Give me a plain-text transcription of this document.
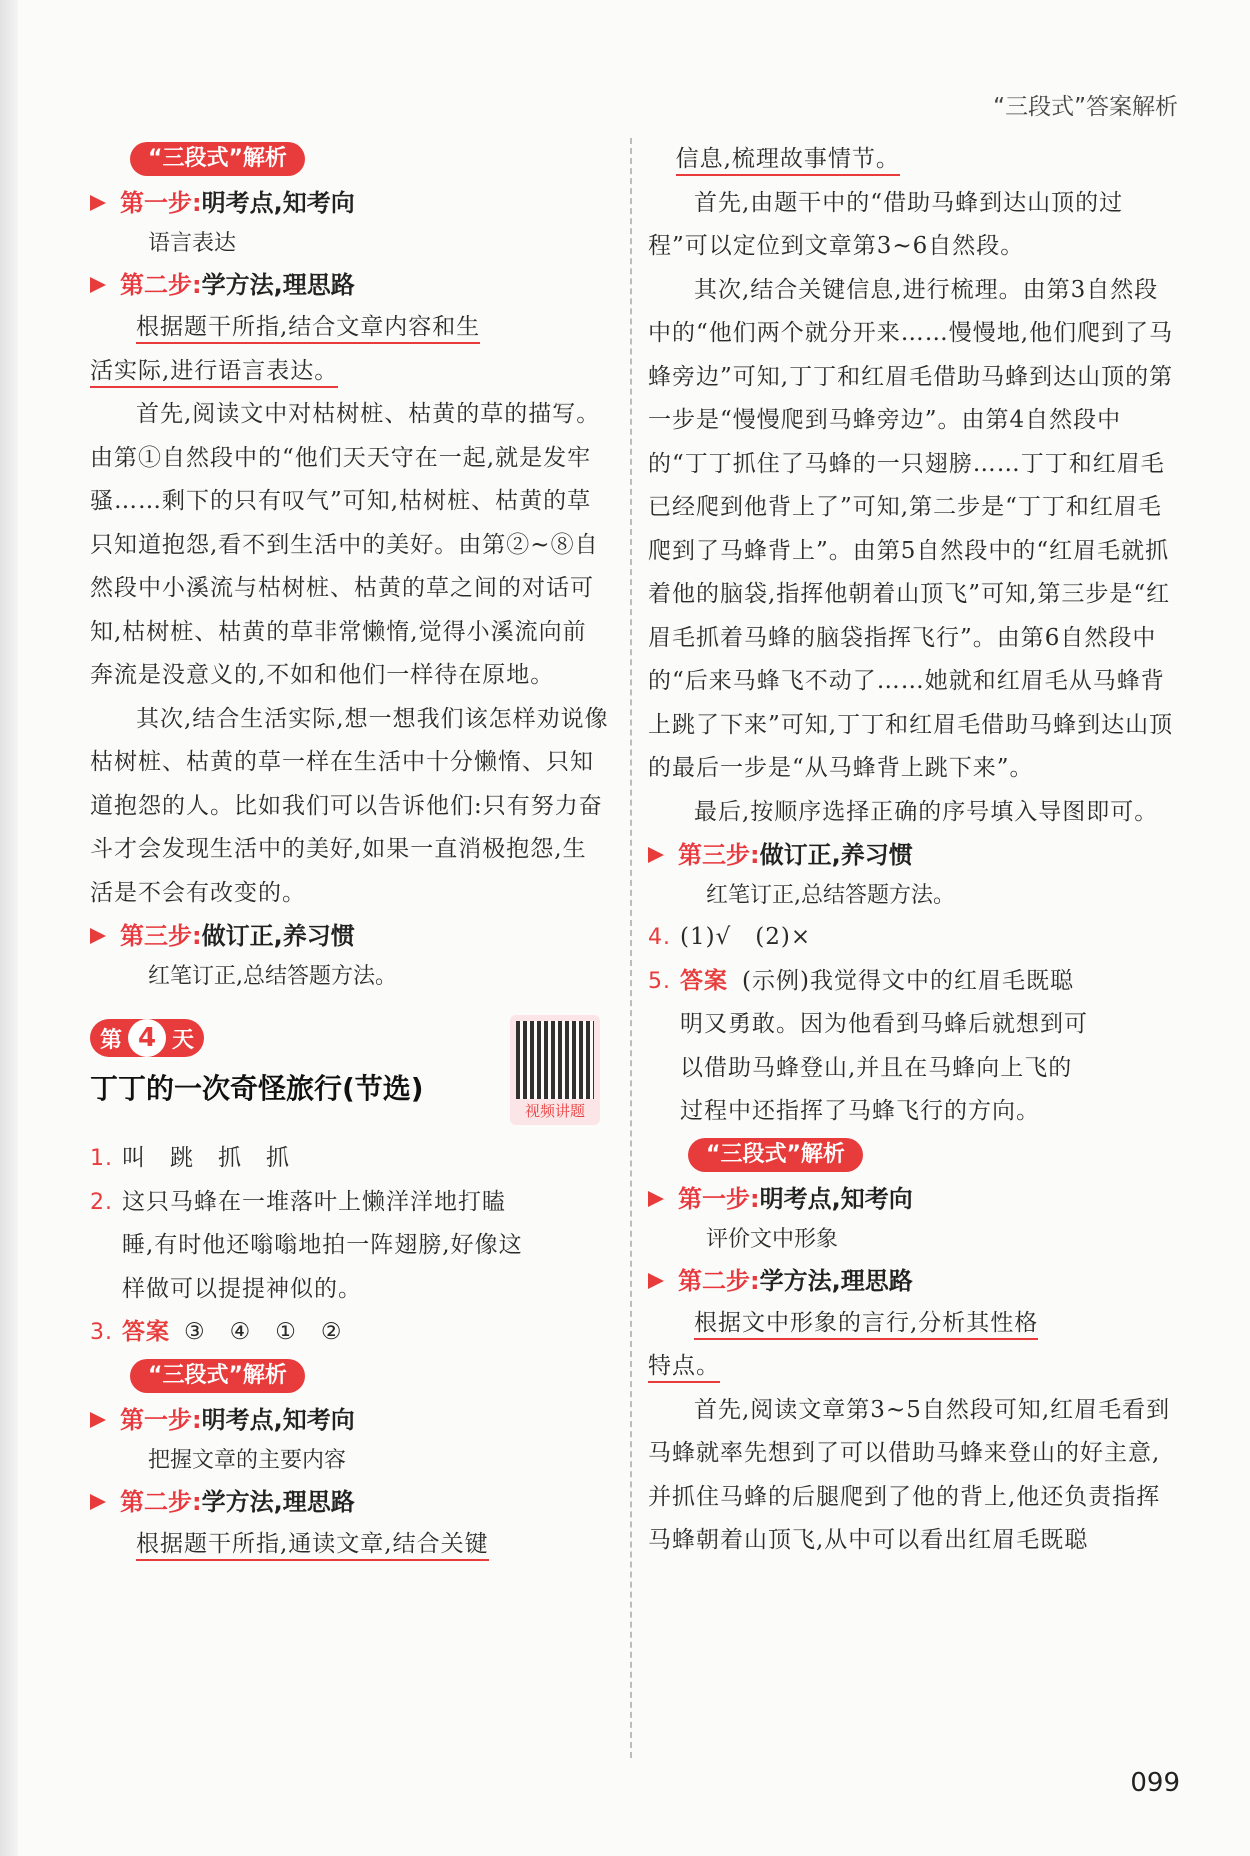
“三段式”答案解析
“三段式”解析
第一步: 明考点,知考向
语言表达
第二步: 学方法,理思路

根据题干所指,结合文章内容和生

活实际,进行语言表达。

首先,阅读文中对枯树桩、枯黄的草的描写。由第①自然段中的“他们天天守在一起,就是发牢骚……剩下的只有叹气”可知,枯树桩、枯黄的草只知道抱怨,看不到生活中的美好。由第②~⑧自然段中小溪流与枯树桩、枯黄的草之间的对话可知,枯树桩、枯黄的草非常懒惰,觉得小溪流向前奔流是没意义的,不如和他们一样待在原地。

其次,结合生活实际,想一想我们该怎样劝说像枯树桩、枯黄的草一样在生活中十分懒惰、只知道抱怨的人。比如我们可以告诉他们:只有努力奋斗才会发现生活中的美好,如果一直消极抱怨,生活是不会有改变的。

第三步: 做订正,养习惯
红笔订正,总结答题方法。
第 4 天
丁丁的一次奇怪旅行(节选)
视频讲题
1. 叫　跳　抓　抓
2. 这只马蜂在一堆落叶上懒洋洋地打瞌
睡,有时他还嗡嗡地拍一阵翅膀,好像这
样做可以提提神似的。
3. 答案 ③　④　①　②
“三段式”解析
第一步: 明考点,知考向
把握文章的主要内容
第二步: 学方法,理思路

根据题干所指,通读文章,结合关键

信息,梳理故事情节。

首先,由题干中的“借助马蜂到达山顶的过程”可以定位到文章第3~6自然段。

其次,结合关键信息,进行梳理。由第3自然段中的“他们两个就分开来……慢慢地,他们爬到了马蜂旁边”可知,丁丁和红眉毛借助马蜂到达山顶的第一步是“慢慢爬到马蜂旁边”。由第4自然段中的“丁丁抓住了马蜂的一只翅膀……丁丁和红眉毛已经爬到他背上了”可知,第二步是“丁丁和红眉毛爬到了马蜂背上”。由第5自然段中的“红眉毛就抓着他的脑袋,指挥他朝着山顶飞”可知,第三步是“红眉毛抓着马蜂的脑袋指挥飞行”。由第6自然段中的“后来马蜂飞不动了……她就和红眉毛从马蜂背上跳了下来”可知,丁丁和红眉毛借助马蜂到达山顶的最后一步是“从马蜂背上跳下来”。

最后,按顺序选择正确的序号填入导图即可。

第三步: 做订正,养习惯
红笔订正,总结答题方法。
4. (1)√　(2)×
5. 答案 (示例)我觉得文中的红眉毛既聪
明又勇敢。因为他看到马蜂后就想到可
以借助马蜂登山,并且在马蜂向上飞的
过程中还指挥了马蜂飞行的方向。
“三段式”解析
第一步: 明考点,知考向
评价文中形象
第二步: 学方法,理思路

根据文中形象的言行,分析其性格

特点。

首先,阅读文章第3~5自然段可知,红眉毛看到马蜂就率先想到了可以借助马蜂来登山的好主意,并抓住马蜂的后腿爬到了他的背上,他还负责指挥马蜂朝着山顶飞,从中可以看出红眉毛既聪

099
